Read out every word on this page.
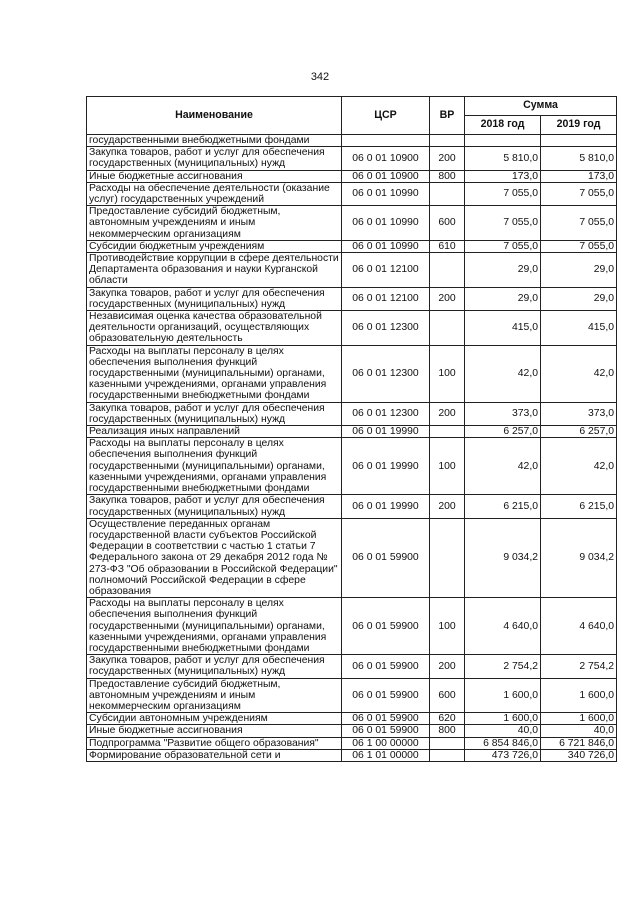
342
Наименование	ЦСР	ВР	Сумма	
			2018 год	2019 год
государственными внебюджетными фондами				
Закупка товаров, работ и услуг для обеспечения государственных (муниципальных) нужд	06 0 01 10900	200	5 810,0	5 810,0
Иные бюджетные ассигнования	06 0 01 10900	800	173,0	173,0
Расходы на обеспечение деятельности (оказание услуг) государственных учреждений	06 0 01 10990		7 055,0	7 055,0
Предоставление субсидий бюджетным, автономным учреждениям и иным некоммерческим организациям	06 0 01 10990	600	7 055,0	7 055,0
Субсидии бюджетным учреждениям	06 0 01 10990	610	7 055,0	7 055,0
Противодействие коррупции в сфере деятельности Департамента образования и науки Курганской области	06 0 01 12100		29,0	29,0
Закупка товаров, работ и услуг для обеспечения государственных (муниципальных) нужд	06 0 01 12100	200	29,0	29,0
Независимая оценка качества образовательной деятельности организаций, осуществляющих образовательную деятельность	06 0 01 12300		415,0	415,0
Расходы на выплаты персоналу в целях обеспечения выполнения функций государственными (муниципальными) органами, казенными учреждениями, органами управления государственными внебюджетными фондами	06 0 01 12300	100	42,0	42,0
Закупка товаров, работ и услуг для обеспечения государственных (муниципальных) нужд	06 0 01 12300	200	373,0	373,0
Реализация иных направлений	06 0 01 19990		6 257,0	6 257,0
Расходы на выплаты персоналу в целях обеспечения выполнения функций государственными (муниципальными) органами, казенными учреждениями, органами управления государственными внебюджетными фондами	06 0 01 19990	100	42,0	42,0
Закупка товаров, работ и услуг для обеспечения государственных (муниципальных) нужд	06 0 01 19990	200	6 215,0	6 215,0
Осуществление переданных органам государственной власти субъектов Российской Федерации в соответствии с частью 1 статьи 7 Федерального закона от 29 декабря 2012 года № 273-ФЗ "Об образовании в Российской Федерации" полномочий Российской Федерации в сфере образования	06 0 01 59900		9 034,2	9 034,2
Расходы на выплаты персоналу в целях обеспечения выполнения функций государственными (муниципальными) органами, казенными учреждениями, органами управления государственными внебюджетными фондами	06 0 01 59900	100	4 640,0	4 640,0
Закупка товаров, работ и услуг для обеспечения государственных (муниципальных) нужд	06 0 01 59900	200	2 754,2	2 754,2
Предоставление субсидий бюджетным, автономным учреждениям и иным некоммерческим организациям	06 0 01 59900	600	1 600,0	1 600,0
Субсидии автономным учреждениям	06 0 01 59900	620	1 600,0	1 600,0
Иные бюджетные ассигнования	06 0 01 59900	800	40,0	40,0
Подпрограмма "Развитие общего образования"	06 1 00 00000		6 854 846,0	6 721 846,0
Формирование образовательной сети и	06 1 01 00000		473 726,0	340 726,0
